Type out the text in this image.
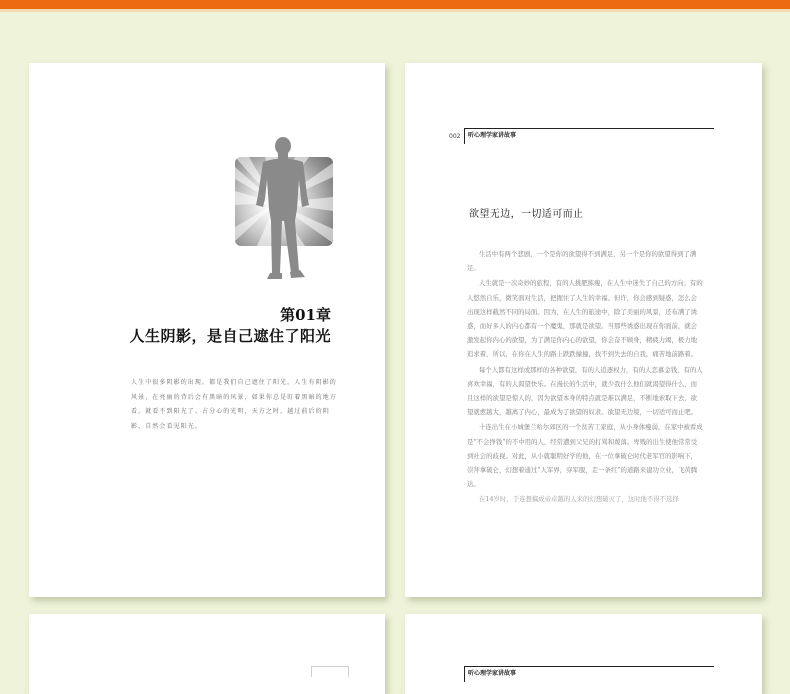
第01章
人生阴影，是自己遮住了阳光
人生中很多阴影的出现，都是我们自己遮住了阳光。人生有阴影的风景，在亮丽的背后会有黑暗的风景，如果你总是盯着黑暗的地方看，就看不到阳光了。占分心的光明，天方之时，越过前后的阴影，自然会看见阳光。
002 听心理学家讲故事
欲望无边，一切适可而止

生活中有两个悲剧，一个是你的欲望得不到满足，另一个是你的欲望得到了满足。

人生就是一次奇妙的旅程，有的人挑肥拣瘦，在人生中迷失了自己的方向；有的人悠然自乐，微笑面对生活，把握住了人生的幸福。但许，你会感到疑惑，怎么会出现这样截然不同的局面。因为，在人生的旅途中，除了美丽的风景，还布满了诱惑，而好多人的内心都有一个魔鬼，那就是欲望。当那些诱惑出现在你面前，就会激发起你内心的欲望，为了满足你内心的欲望，你会奋不顾身，精疲力竭，极力地追求着，所以，在你在人生的路上跌跌撞撞，找不到失去的自我，痛苦地前路着。

每个人都有这样或那样的各种欲望，有的人追逐权力，有的人恋慕金钱，有的人喜欢幸福，有的人渴望快乐。在漫长的生活中，就少我什么他们就渴望得什么，而且这样的欲望是惊人的，因为欲望本身的特点就是难以满足，不断地索取下去，欲望就愈越大，越离了内心，最成为了欲望的奴隶。欲望无边境，一切适可而止吧。

十连出生在小城堡兰哈尔郊区的一个贫苦工家庭，从小身体瘦弱，在家中被看成是“不会挣钱”的不中用的人，经常遭到父兄的打骂和蔑落。卑贱的出生使他常常受到社会的歧视。对此，从小就聪明好学的他，在一位拿破仑时代老军官的影响下，崇拜拿破仑，幻想着通过“人军界，穿军服，走一条红”的道路来建功立业，飞黄腾达。

在14岁时，于连想搞成帝卓越的人来的幻想破灭了，这时他不得不选择

听心理学家讲故事
